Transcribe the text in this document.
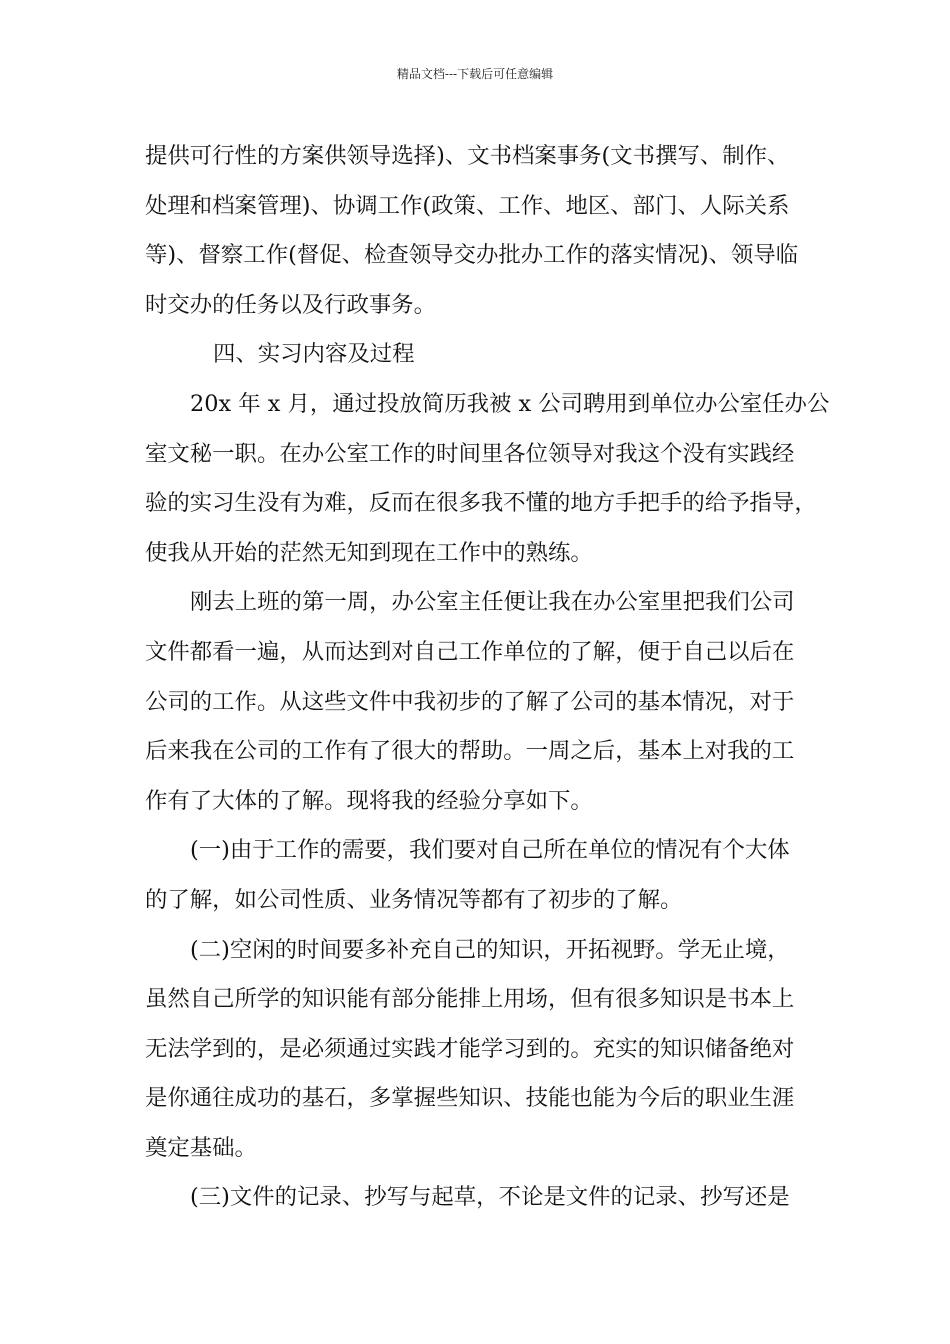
精品文档---下载后可任意编辑

提供可行性的方案供领导选择)、文书档案事务(文书撰写、制作、

处理和档案管理)、协调工作(政策、工作、地区、部门、人际关系

等)、督察工作(督促、检查领导交办批办工作的落实情况)、领导临

时交办的任务以及行政事务。

四、实习内容及过程

20x 年 x 月，通过投放简历我被 x 公司聘用到单位办公室任办公

室文秘一职。在办公室工作的时间里各位领导对我这个没有实践经

验的实习生没有为难，反而在很多我不懂的地方手把手的给予指导，

使我从开始的茫然无知到现在工作中的熟练。

刚去上班的第一周，办公室主任便让我在办公室里把我们公司

文件都看一遍，从而达到对自己工作单位的了解，便于自己以后在

公司的工作。从这些文件中我初步的了解了公司的基本情况，对于

后来我在公司的工作有了很大的帮助。一周之后，基本上对我的工

作有了大体的了解。现将我的经验分享如下。

(一)由于工作的需要，我们要对自己所在单位的情况有个大体

的了解，如公司性质、业务情况等都有了初步的了解。

(二)空闲的时间要多补充自己的知识，开拓视野。学无止境，

虽然自己所学的知识能有部分能排上用场，但有很多知识是书本上

无法学到的，是必须通过实践才能学习到的。充实的知识储备绝对

是你通往成功的基石，多掌握些知识、技能也能为今后的职业生涯

奠定基础。

(三)文件的记录、抄写与起草，不论是文件的记录、抄写还是
